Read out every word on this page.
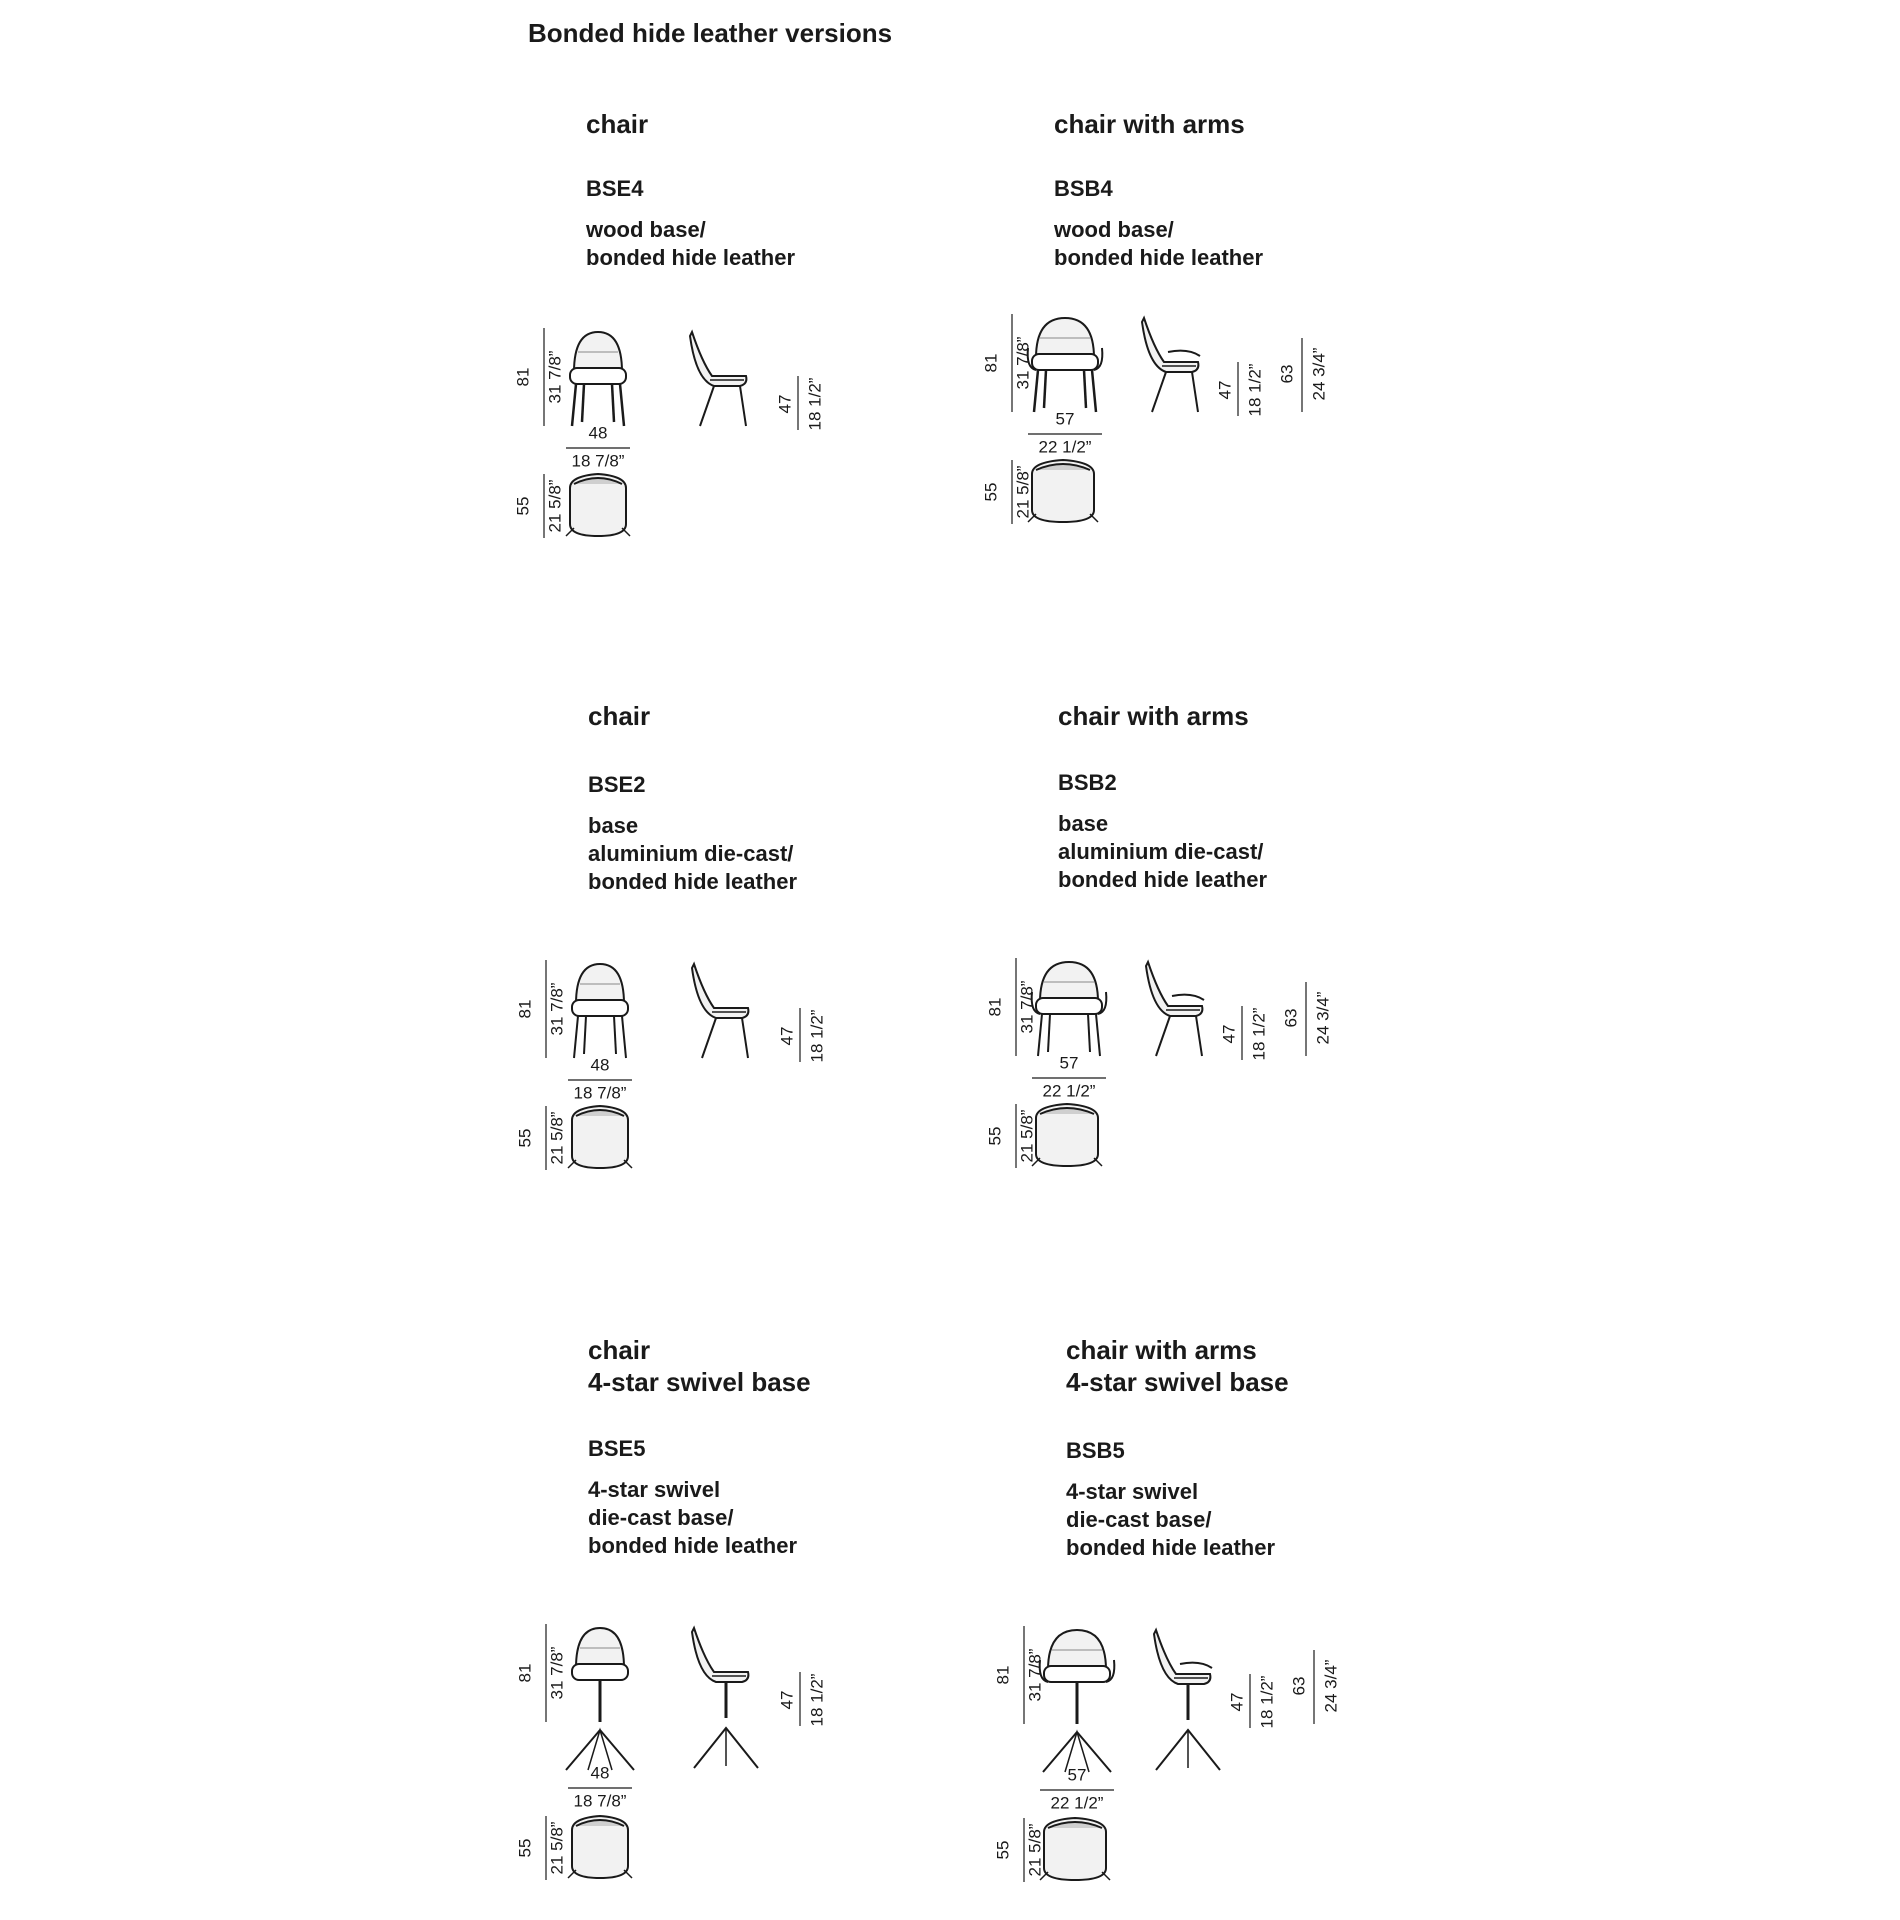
Bonded hide leather versions
chair
BSE4
wood base/
bonded hide leather
81 31 7/8”
48
18 7/8”
47 18 1/2”
55 21 5/8”
chair with arms
BSB4
wood base/
bonded hide leather
81 31 7/8”
57
22 1/2”
47 18 1/2” 63 24 3/4”
55 21 5/8”
chair
BSE2
base
aluminium die-cast/
bonded hide leather
81 31 7/8”
48
18 7/8”
47 18 1/2”
55 21 5/8”
chair with arms
BSB2
base
aluminium die-cast/
bonded hide leather
81 31 7/8”
57
22 1/2”
47 18 1/2” 63 24 3/4”
55 21 5/8”
chair
4-star swivel base
BSE5
4-star swivel
die-cast base/
bonded hide leather
81 31 7/8”
48
18 7/8”
47 18 1/2”
55 21 5/8”
chair with arms
4-star swivel base
BSB5
4-star swivel
die-cast base/
bonded hide leather
81 31 7/8”
57
22 1/2”
47 18 1/2” 63 24 3/4”
55 21 5/8”
